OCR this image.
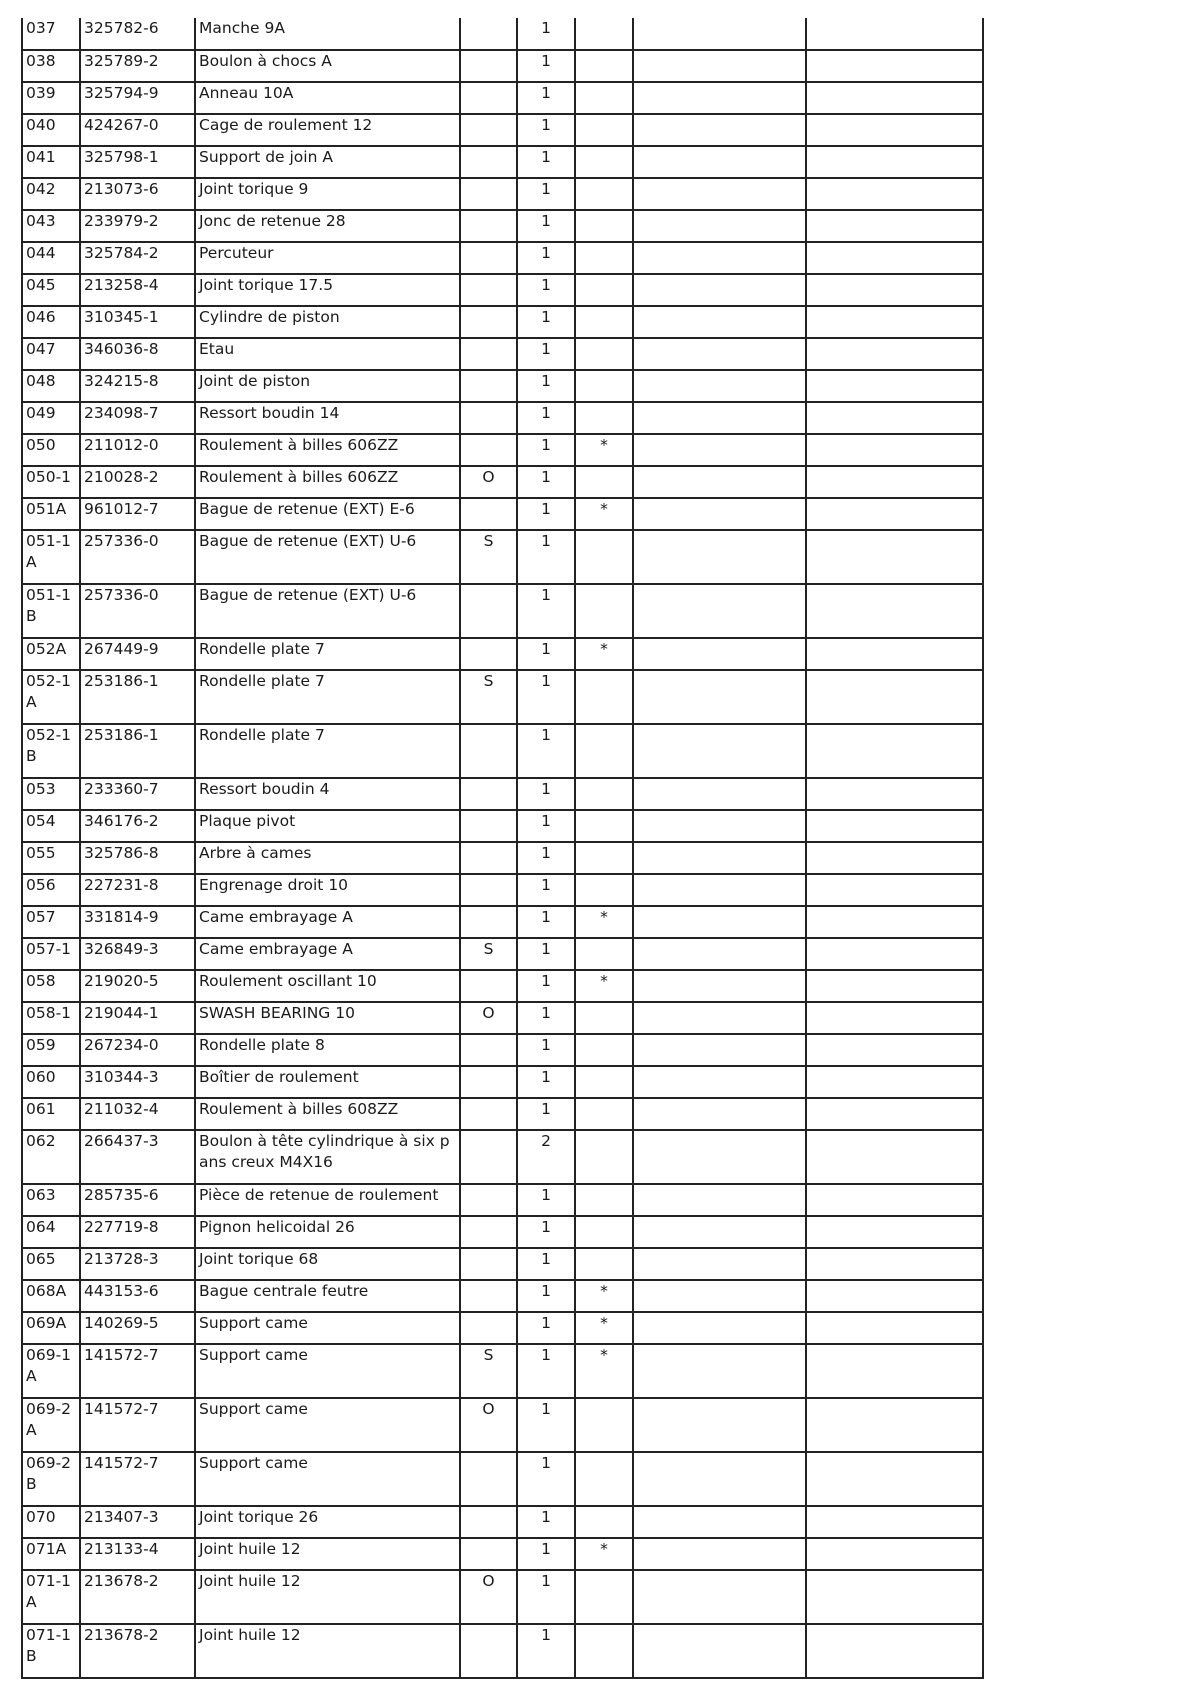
037	325782-6	Manche 9A		1			

038	325789-2	Boulon à chocs A		1			

039	325794-9	Anneau 10A		1			

040	424267-0	Cage de roulement 12		1			

041	325798-1	Support de join A		1			

042	213073-6	Joint torique 9		1			

043	233979-2	Jonc de retenue 28		1			

044	325784-2	Percuteur		1			

045	213258-4	Joint torique 17.5		1			

046	310345-1	Cylindre de piston		1			

047	346036-8	Etau		1			

048	324215-8	Joint de piston		1			

049	234098-7	Ressort boudin 14		1			

050	211012-0	Roulement à billes 606ZZ		1	*		

050-1	210028-2	Roulement à billes 606ZZ	O	1			

051A	961012-7	Bague de retenue (EXT) E-6		1	*		

051-1A	257336-0	Bague de retenue (EXT) U-6	S	1			

051-1B	257336-0	Bague de retenue (EXT) U-6		1			

052A	267449-9	Rondelle plate 7		1	*		

052-1A	253186-1	Rondelle plate 7	S	1			

052-1B	253186-1	Rondelle plate 7		1			

053	233360-7	Ressort boudin 4		1			

054	346176-2	Plaque pivot		1			

055	325786-8	Arbre à cames		1			

056	227231-8	Engrenage droit 10		1			

057	331814-9	Came embrayage A		1	*		

057-1	326849-3	Came embrayage A	S	1			

058	219020-5	Roulement oscillant 10		1	*		

058-1	219044-1	SWASH BEARING 10	O	1			

059	267234-0	Rondelle plate 8		1			

060	310344-3	Boîtier de roulement		1			

061	211032-4	Roulement à billes 608ZZ		1			

062	266437-3	Boulon à tête cylindrique à six pans creux M4X16		2			

063	285735-6	Pièce de retenue de roulement		1			

064	227719-8	Pignon helicoidal 26		1			

065	213728-3	Joint torique 68		1			

068A	443153-6	Bague centrale feutre		1	*		

069A	140269-5	Support came		1	*		

069-1A	141572-7	Support came	S	1	*		

069-2A	141572-7	Support came	O	1			

069-2B	141572-7	Support came		1			

070	213407-3	Joint torique 26		1			

071A	213133-4	Joint huile 12		1	*		

071-1A	213678-2	Joint huile 12	O	1			

071-1B	213678-2	Joint huile 12		1			
